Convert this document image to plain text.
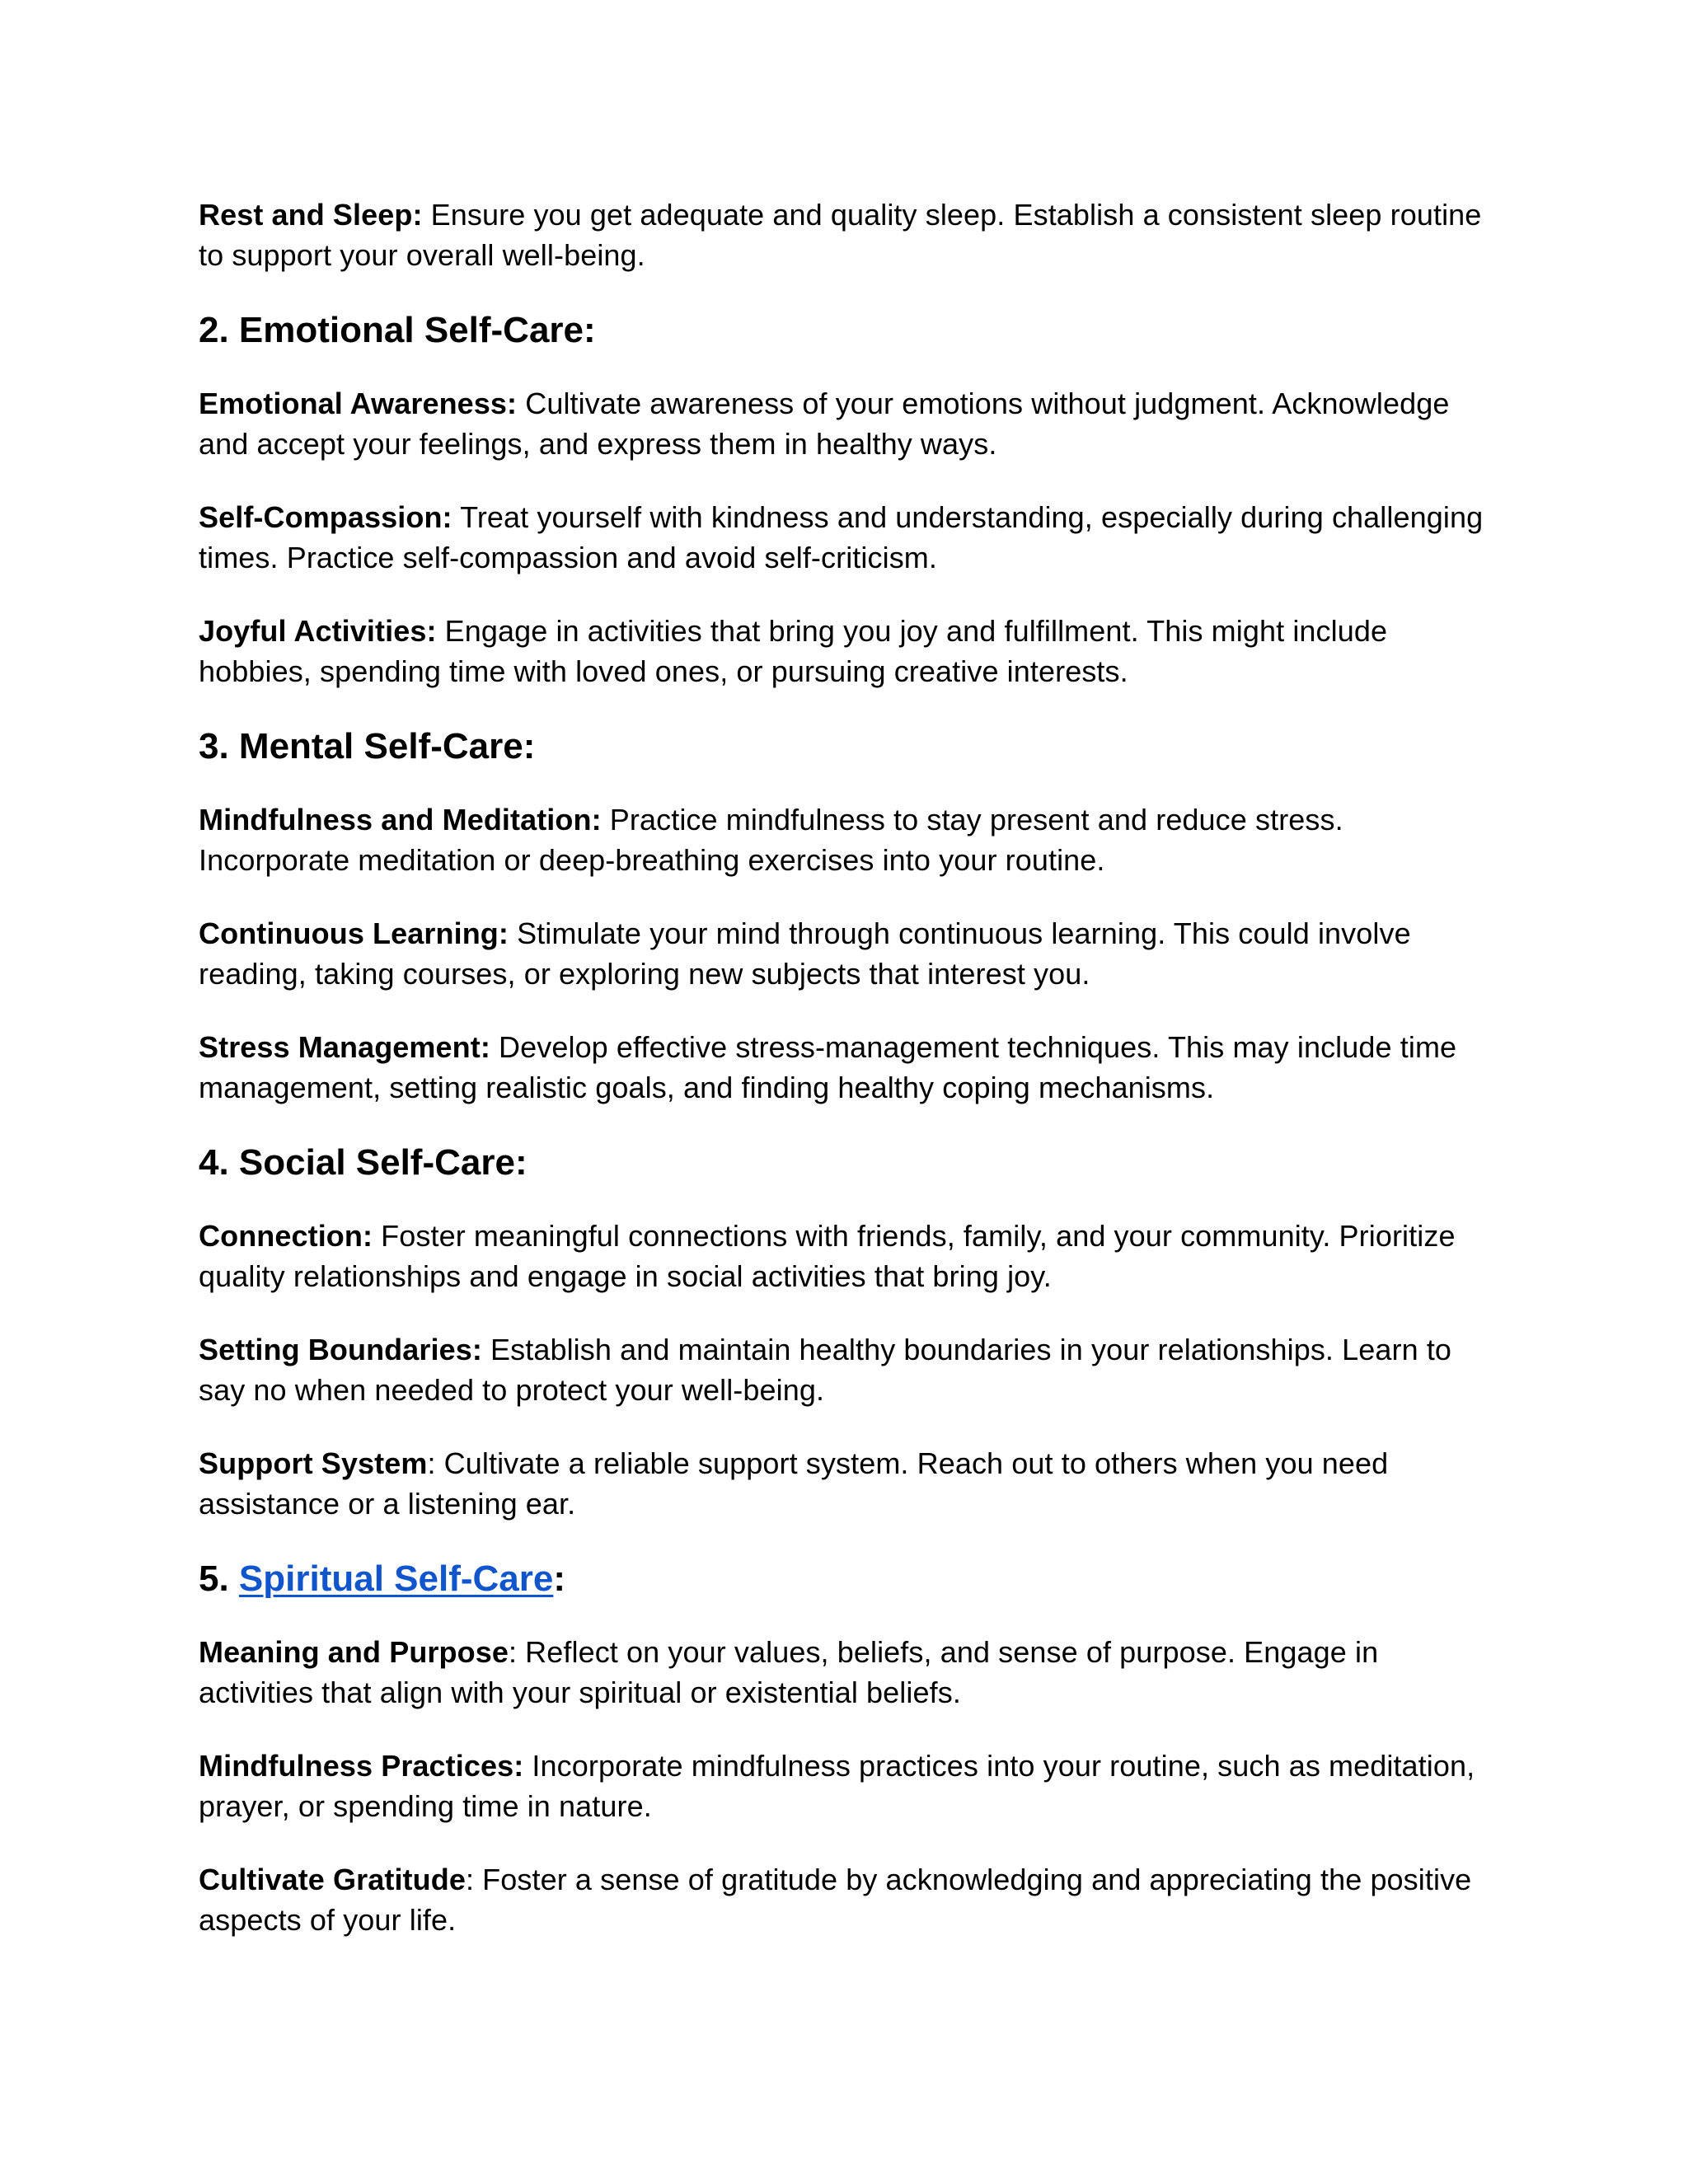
Rest and Sleep: Ensure you get adequate and quality sleep. Establish a consistent sleep routine to support your overall well-being.

2. Emotional Self-Care:

Emotional Awareness: Cultivate awareness of your emotions without judgment. Acknowledge and accept your feelings, and express them in healthy ways.

Self-Compassion: Treat yourself with kindness and understanding, especially during challenging times. Practice self-compassion and avoid self-criticism.

Joyful Activities: Engage in activities that bring you joy and fulfillment. This might include hobbies, spending time with loved ones, or pursuing creative interests.

3. Mental Self-Care:

Mindfulness and Meditation: Practice mindfulness to stay present and reduce stress. Incorporate meditation or deep-breathing exercises into your routine.

Continuous Learning: Stimulate your mind through continuous learning. This could involve reading, taking courses, or exploring new subjects that interest you.

Stress Management: Develop effective stress-management techniques. This may include time management, setting realistic goals, and finding healthy coping mechanisms.

4. Social Self-Care:

Connection: Foster meaningful connections with friends, family, and your community. Prioritize quality relationships and engage in social activities that bring joy.

Setting Boundaries: Establish and maintain healthy boundaries in your relationships. Learn to say no when needed to protect your well-being.

Support System: Cultivate a reliable support system. Reach out to others when you need assistance or a listening ear.

5. Spiritual Self-Care:

Meaning and Purpose: Reflect on your values, beliefs, and sense of purpose. Engage in activities that align with your spiritual or existential beliefs.

Mindfulness Practices: Incorporate mindfulness practices into your routine, such as meditation, prayer, or spending time in nature.

Cultivate Gratitude: Foster a sense of gratitude by acknowledging and appreciating the positive aspects of your life.
